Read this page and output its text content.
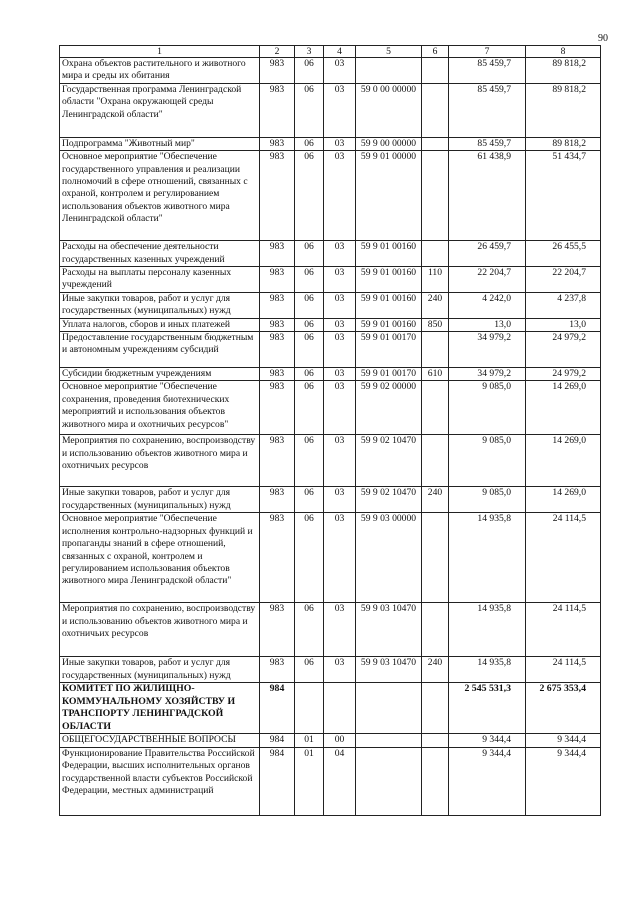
90
1	2	3	4	5	6	7	8
Охрана объектов растительного и животного мира и среды их обитания	983	06	03			85 459,7	89 818,2
Государственная программа Ленинградской области "Охрана окружающей среды Ленинградской области"	983	06	03	59 0 00 00000		85 459,7	89 818,2
Подпрограмма "Животный мир"	983	06	03	59 9 00 00000		85 459,7	89 818,2
Основное мероприятие "Обеспечение государственного управления и реализации полномочий в сфере отношений, связанных с охраной, контролем и регулированием использования объектов животного мира Ленинградской области"	983	06	03	59 9 01 00000		61 438,9	51 434,7
Расходы на обеспечение деятельности государственных казенных учреждений	983	06	03	59 9 01 00160		26 459,7	26 455,5
Расходы на выплаты персоналу казенных учреждений	983	06	03	59 9 01 00160	110	22 204,7	22 204,7
Иные закупки товаров, работ и услуг для государственных (муниципальных) нужд	983	06	03	59 9 01 00160	240	4 242,0	4 237,8
Уплата налогов, сборов и иных платежей	983	06	03	59 9 01 00160	850	13,0	13,0
Предоставление государственным бюджетным и автономным учреждениям субсидий	983	06	03	59 9 01 00170		34 979,2	24 979,2
Субсидии бюджетным учреждениям	983	06	03	59 9 01 00170	610	34 979,2	24 979,2
Основное мероприятие "Обеспечение сохранения, проведения биотехнических мероприятий и использования объектов животного мира и охотничьих ресурсов"	983	06	03	59 9 02 00000		9 085,0	14 269,0
Мероприятия по сохранению, воспроизводству и использованию объектов животного мира и охотничьих ресурсов	983	06	03	59 9 02 10470		9 085,0	14 269,0
Иные закупки товаров, работ и услуг для государственных (муниципальных) нужд	983	06	03	59 9 02 10470	240	9 085,0	14 269,0
Основное мероприятие "Обеспечение исполнения контрольно-надзорных функций и пропаганды знаний в сфере отношений, связанных с охраной, контролем и регулированием использования объектов животного мира Ленинградской области"	983	06	03	59 9 03 00000		14 935,8	24 114,5
Мероприятия по сохранению, воспроизводству и использованию объектов животного мира и охотничьих ресурсов	983	06	03	59 9 03 10470		14 935,8	24 114,5
Иные закупки товаров, работ и услуг для государственных (муниципальных) нужд	983	06	03	59 9 03 10470	240	14 935,8	24 114,5
КОМИТЕТ ПО ЖИЛИЩНО-КОММУНАЛЬНОМУ ХОЗЯЙСТВУ И ТРАНСПОРТУ ЛЕНИНГРАДСКОЙ ОБЛАСТИ	984					2 545 531,3	2 675 353,4
ОБЩЕГОСУДАРСТВЕННЫЕ ВОПРОСЫ	984	01	00			9 344,4	9 344,4
Функционирование Правительства Российской Федерации, высших исполнительных органов государственной власти субъектов Российской Федерации, местных администраций	984	01	04			9 344,4	9 344,4
